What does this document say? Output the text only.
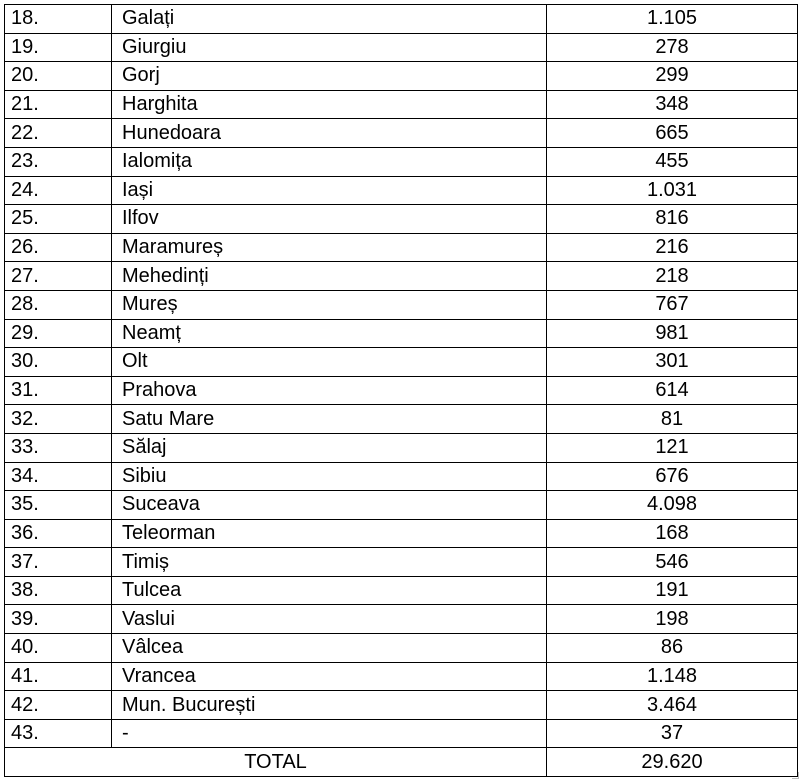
18.	Galați	1.105
19.	Giurgiu	278
20.	Gorj	299
21.	Harghita	348
22.	Hunedoara	665
23.	Ialomița	455
24.	Iași	1.031
25.	Ilfov	816
26.	Maramureș	216
27.	Mehedinți	218
28.	Mureș	767
29.	Neamț	981
30.	Olt	301
31.	Prahova	614
32.	Satu Mare	81
33.	Sălaj	121
34.	Sibiu	676
35.	Suceava	4.098
36.	Teleorman	168
37.	Timiș	546
38.	Tulcea	191
39.	Vaslui	198
40.	Vâlcea	86
41.	Vrancea	1.148
42.	Mun. București	3.464
43.	-	37
TOTAL		29.620
